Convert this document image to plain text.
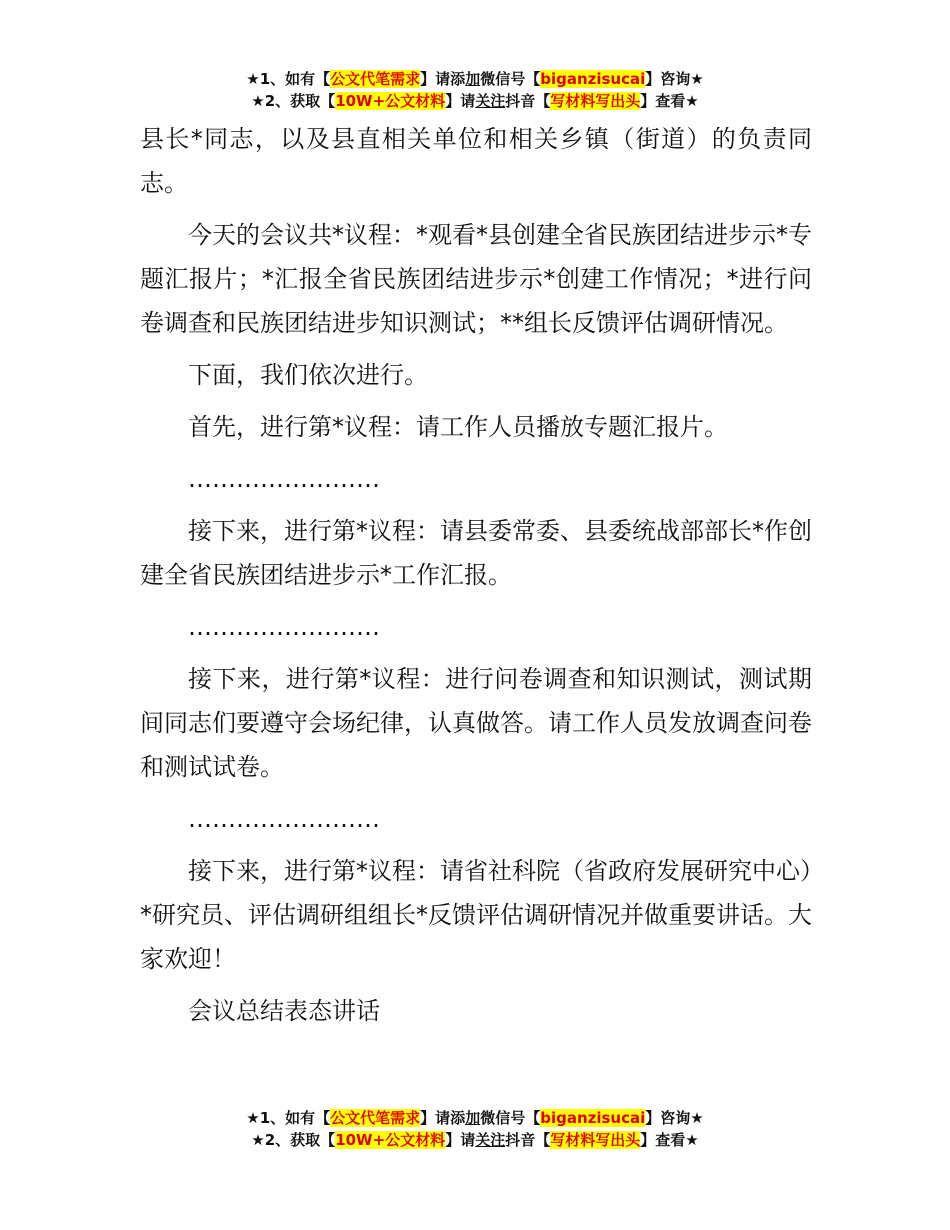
★1、如有【公文代笔需求】请添加微信号【biganzisucai】咨询★
★2、获取【10W+公文材料】请关注抖音【写材料写出头】查看★

县长*同志，以及县直相关单位和相关乡镇（街道）的负责同志。

今天的会议共*议程：*观看*县创建全省民族团结进步示*专题汇报片；*汇报全省民族团结进步示*创建工作情况；*进行问卷调查和民族团结进步知识测试；**组长反馈评估调研情况。

下面，我们依次进行。

首先，进行第*议程：请工作人员播放专题汇报片。

……………………

接下来，进行第*议程：请县委常委、县委统战部部长*作创建全省民族团结进步示*工作汇报。

……………………

接下来，进行第*议程：进行问卷调查和知识测试，测试期间同志们要遵守会场纪律，认真做答。请工作人员发放调查问卷和测试试卷。

……………………

接下来，进行第*议程：请省社科院（省政府发展研究中心）*研究员、评估调研组组长*反馈评估调研情况并做重要讲话。大家欢迎！

会议总结表态讲话

★1、如有【公文代笔需求】请添加微信号【biganzisucai】咨询★
★2、获取【10W+公文材料】请关注抖音【写材料写出头】查看★
